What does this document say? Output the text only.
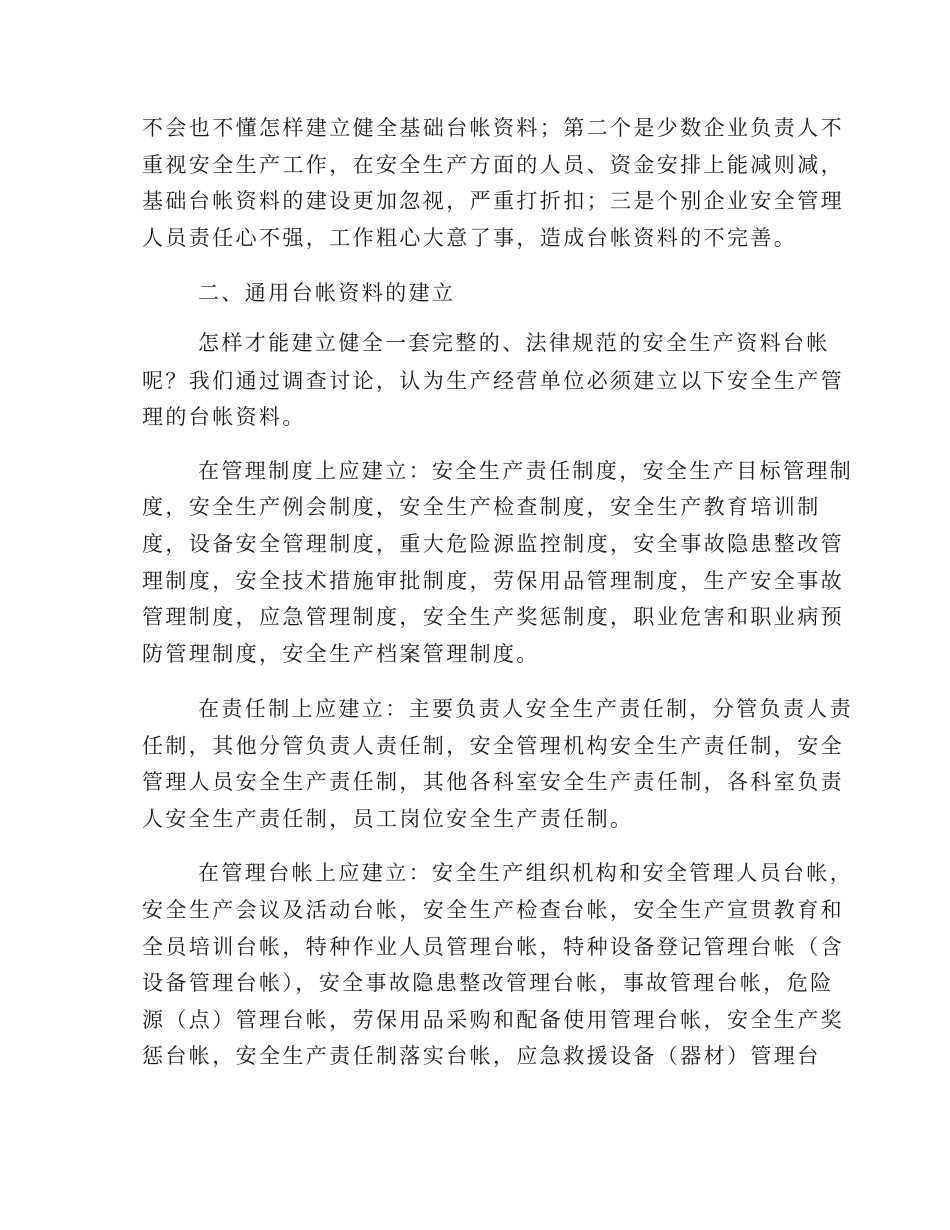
不会也不懂怎样建立健全基础台帐资料；第二个是少数企业负责人不
重视安全生产工作，在安全生产方面的人员、资金安排上能减则减，
基础台帐资料的建设更加忽视，严重打折扣；三是个别企业安全管理
人员责任心不强，工作粗心大意了事，造成台帐资料的不完善。
二、通用台帐资料的建立
怎样才能建立健全一套完整的、法律规范的安全生产资料台帐
呢？我们通过调查讨论，认为生产经营单位必须建立以下安全生产管
理的台帐资料。
在管理制度上应建立：安全生产责任制度，安全生产目标管理制
度，安全生产例会制度，安全生产检查制度，安全生产教育培训制
度，设备安全管理制度，重大危险源监控制度，安全事故隐患整改管
理制度，安全技术措施审批制度，劳保用品管理制度，生产安全事故
管理制度，应急管理制度，安全生产奖惩制度，职业危害和职业病预
防管理制度，安全生产档案管理制度。
在责任制上应建立：主要负责人安全生产责任制，分管负责人责
任制，其他分管负责人责任制，安全管理机构安全生产责任制，安全
管理人员安全生产责任制，其他各科室安全生产责任制，各科室负责
人安全生产责任制，员工岗位安全生产责任制。
在管理台帐上应建立：安全生产组织机构和安全管理人员台帐，
安全生产会议及活动台帐，安全生产检查台帐，安全生产宣贯教育和
全员培训台帐，特种作业人员管理台帐，特种设备登记管理台帐（含
设备管理台帐），安全事故隐患整改管理台帐，事故管理台帐，危险
源（点）管理台帐，劳保用品采购和配备使用管理台帐，安全生产奖
惩台帐，安全生产责任制落实台帐，应急救援设备（器材）管理台
